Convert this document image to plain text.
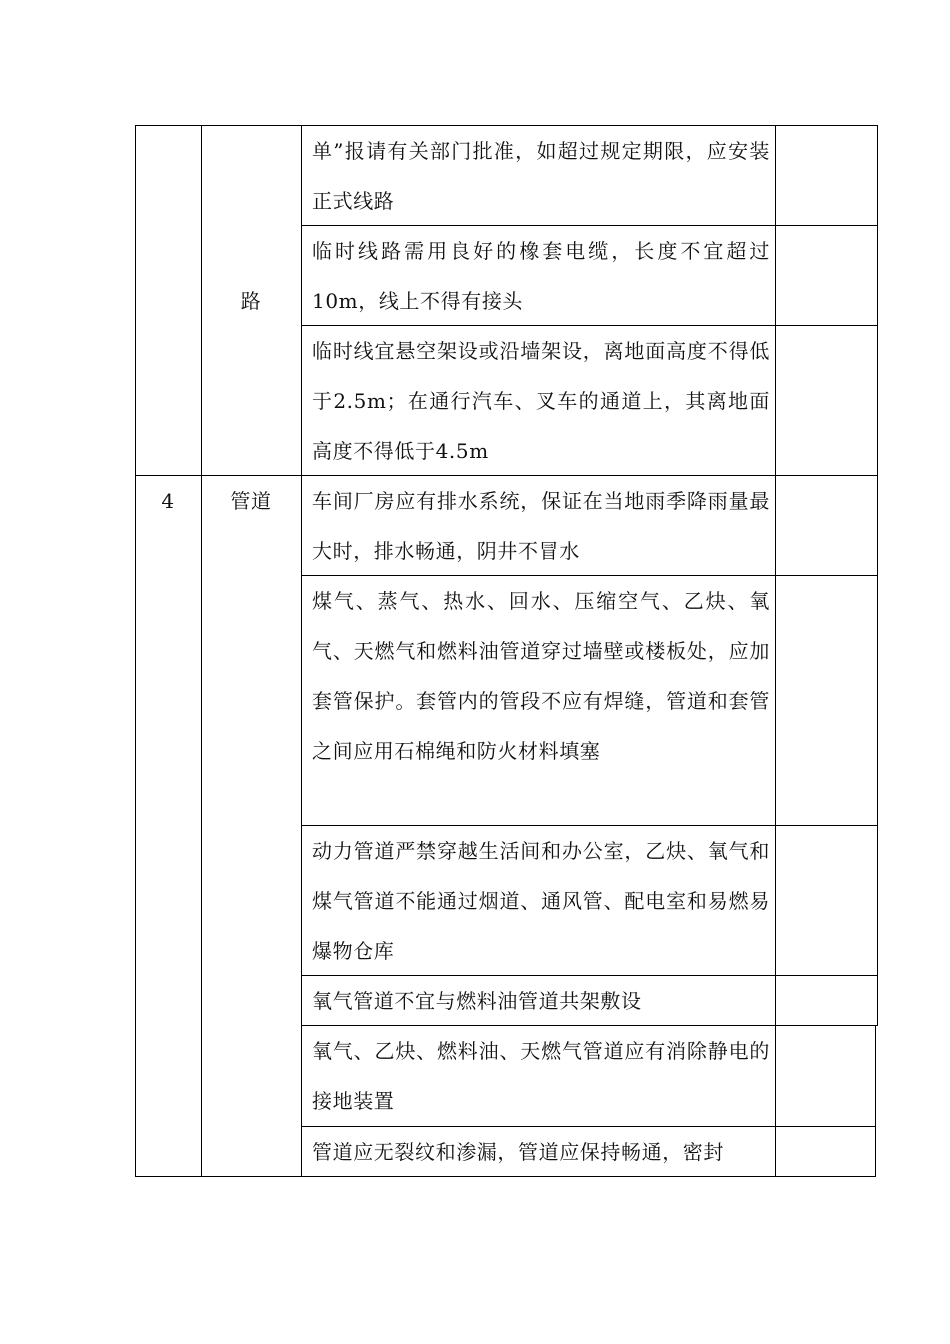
路
4	管道
单”报请有关部门批准，如超过规定期限，应安装正式线路
临时线路需用良好的橡套电缆，长度不宜超过10m，线上不得有接头
临时线宜悬空架设或沿墙架设，离地面高度不得低于2.5m；在通行汽车、叉车的通道上，其离地面高度不得低于4.5m
车间厂房应有排水系统，保证在当地雨季降雨量最大时，排水畅通，阴井不冒水
煤气、蒸气、热水、回水、压缩空气、乙炔、氧气、天燃气和燃料油管道穿过墙壁或楼板处，应加套管保护。套管内的管段不应有焊缝，管道和套管之间应用石棉绳和防火材料填塞
动力管道严禁穿越生活间和办公室，乙炔、氧气和煤气管道不能通过烟道、通风管、配电室和易燃易爆物仓库
氧气管道不宜与燃料油管道共架敷设
氧气、乙炔、燃料油、天燃气管道应有消除静电的接地装置
管道应无裂纹和渗漏，管道应保持畅通，密封
